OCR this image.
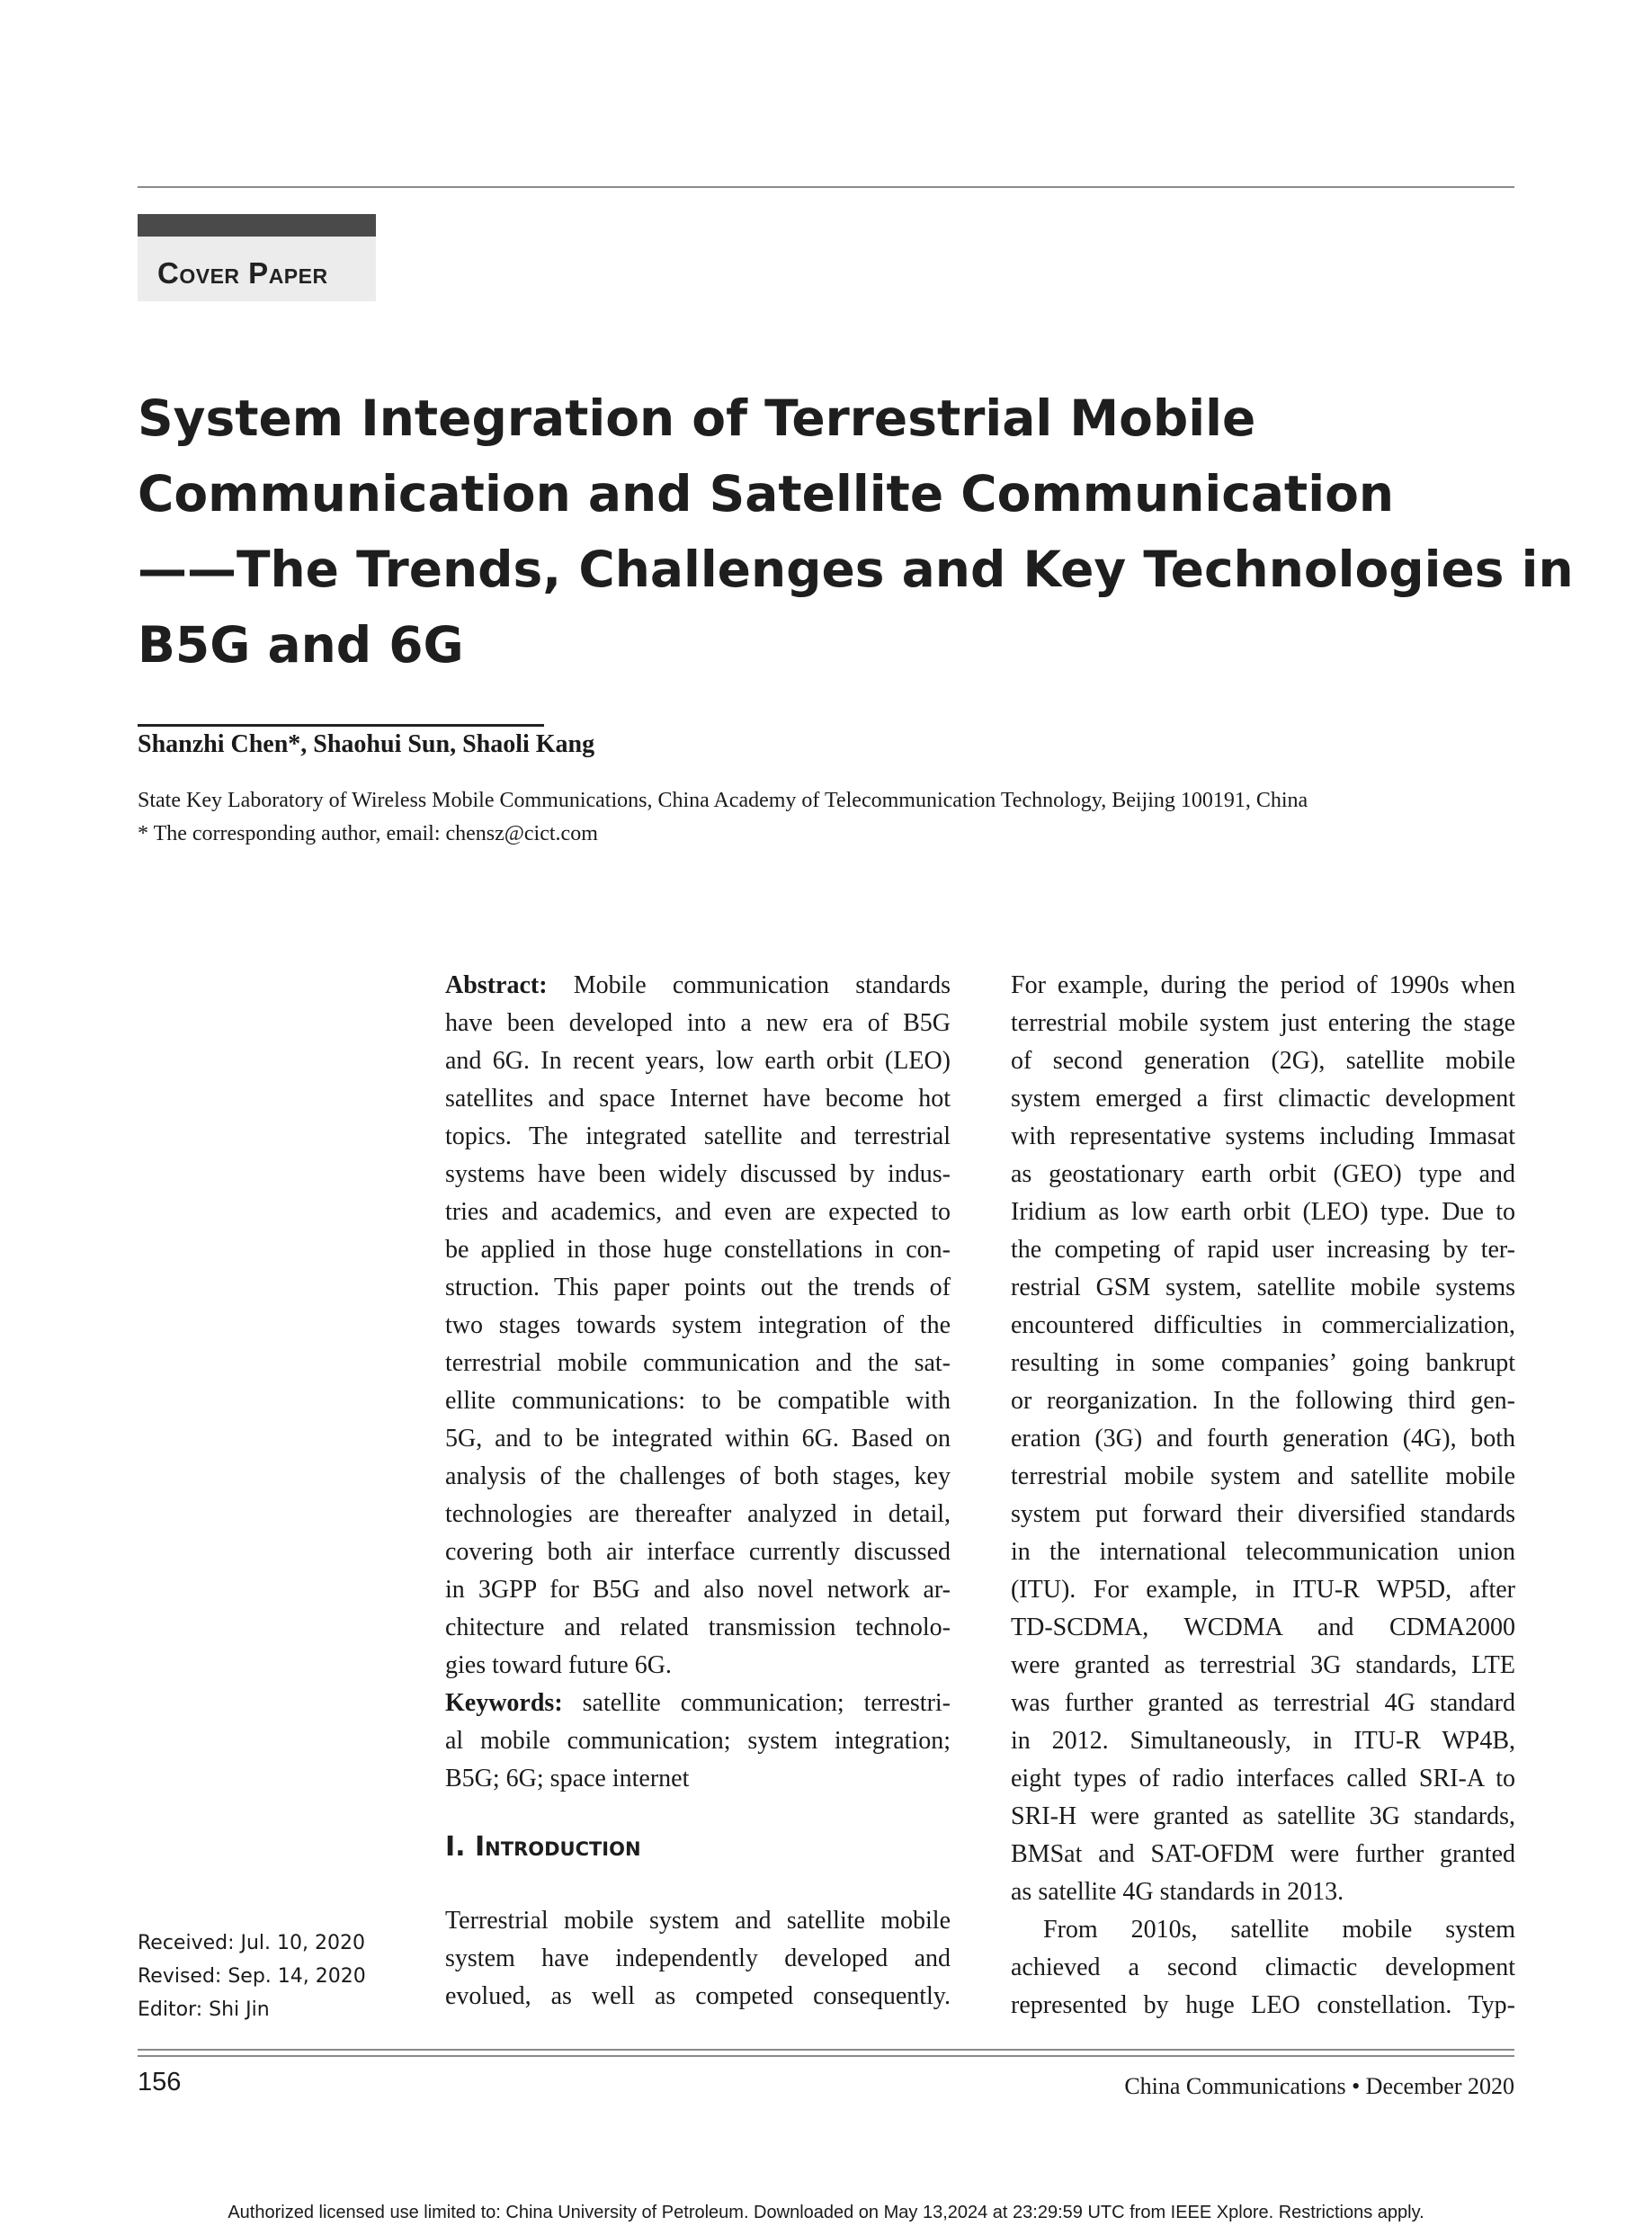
Cover Paper
System Integration of Terrestrial Mobile
Communication and Satellite Communication
——The Trends, Challenges and Key Technologies in
B5G and 6G
Shanzhi Chen*, Shaohui Sun, Shaoli Kang
State Key Laboratory of Wireless Mobile Communications, China Academy of Telecommunication Technology, Beijing 100191, China
* The corresponding author, email: chensz@cict.com
Abstract: Mobile communication standards
have been developed into a new era of B5G
and 6G. In recent years, low earth orbit (LEO)
satellites and space Internet have become hot
topics. The integrated satellite and terrestrial
systems have been widely discussed by indus-
tries and academics, and even are expected to
be applied in those huge constellations in con-
struction. This paper points out the trends of
two stages towards system integration of the
terrestrial mobile communication and the sat-
ellite communications: to be compatible with
5G, and to be integrated within 6G. Based on
analysis of the challenges of both stages, key
technologies are thereafter analyzed in detail,
covering both air interface currently discussed
in 3GPP for B5G and also novel network ar-
chitecture and related transmission technolo-
gies toward future 6G.
Keywords: satellite communication; terrestri-
al mobile communication; system integration;
B5G; 6G; space internet
I. Introduction
Terrestrial mobile system and satellite mobile
system have independently developed and
evolued, as well as competed consequently.
For example, during the period of 1990s when
terrestrial mobile system just entering the stage
of second generation (2G), satellite mobile
system emerged a first climactic development
with representative systems including Immasat
as geostationary earth orbit (GEO) type and
Iridium as low earth orbit (LEO) type. Due to
the competing of rapid user increasing by ter-
restrial GSM system, satellite mobile systems
encountered difficulties in commercialization,
resulting in some companies’ going bankrupt
or reorganization. In the following third gen-
eration (3G) and fourth generation (4G), both
terrestrial mobile system and satellite mobile
system put forward their diversified standards
in the international telecommunication union
(ITU). For example, in ITU-R WP5D, after
TD-SCDMA, WCDMA and CDMA2000
were granted as terrestrial 3G standards, LTE
was further granted as terrestrial 4G standard
in 2012. Simultaneously, in ITU-R WP4B,
eight types of radio interfaces called SRI-A to
SRI-H were granted as satellite 3G standards,
BMSat and SAT-OFDM were further granted
as satellite 4G standards in 2013.
From 2010s, satellite mobile system
achieved a second climactic development
represented by huge LEO constellation. Typ-
Received: Jul. 10, 2020
Revised: Sep. 14, 2020
Editor: Shi Jin
156	China Communications • December 2020
Authorized licensed use limited to: China University of Petroleum. Downloaded on May 13,2024 at 23:29:59 UTC from IEEE Xplore. Restrictions apply.
